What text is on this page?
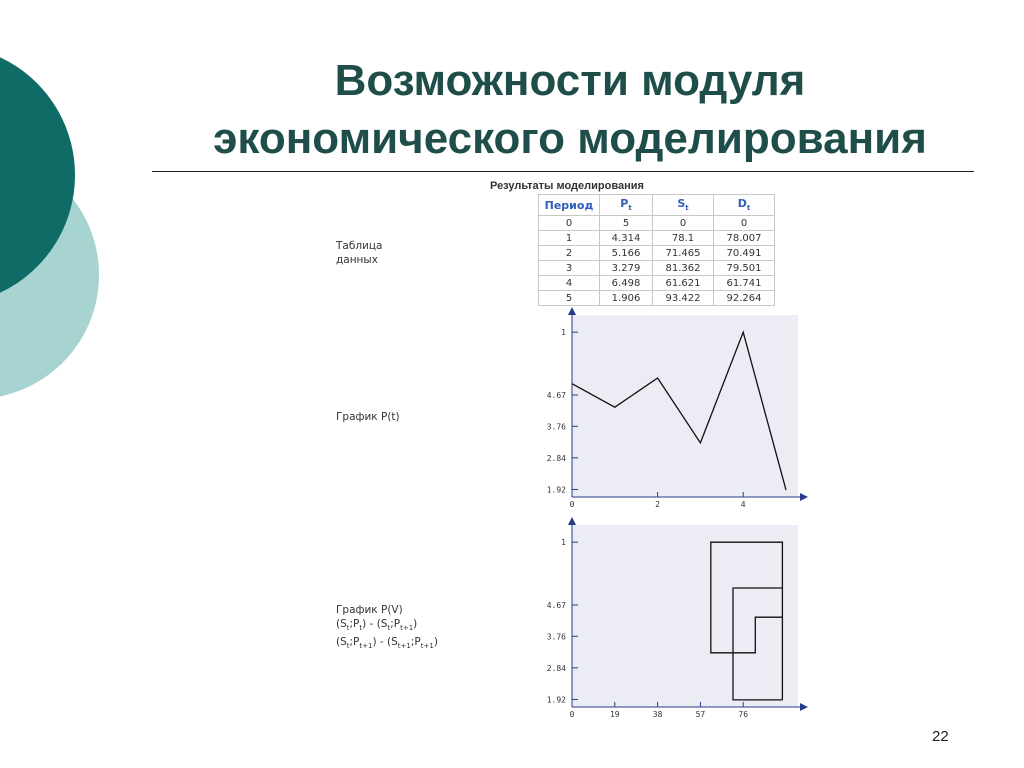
Возможности модуля
экономического моделирования
Результаты моделирования
Период	$P_t$	$S_t$	$D_t$
0	5	0	0
1	4.314	78.1	78.007
2	5.166	71.465	70.491
3	3.279	81.362	79.501
4	6.498	61.621	61.741
5	1.906	93.422	92.264
Таблица
данных
График P(t)
График P(V)
$(S_t;P_t)$ - $(S_t;P_{t+1})$
$(S_t;P_{t+1})$ - $(S_{t+1};P_{t+1})$
1
4.67
3.76
2.84
1.92
0	2	4
1
4.67
3.76
2.84
1.92
0	19	38	57	76
22
